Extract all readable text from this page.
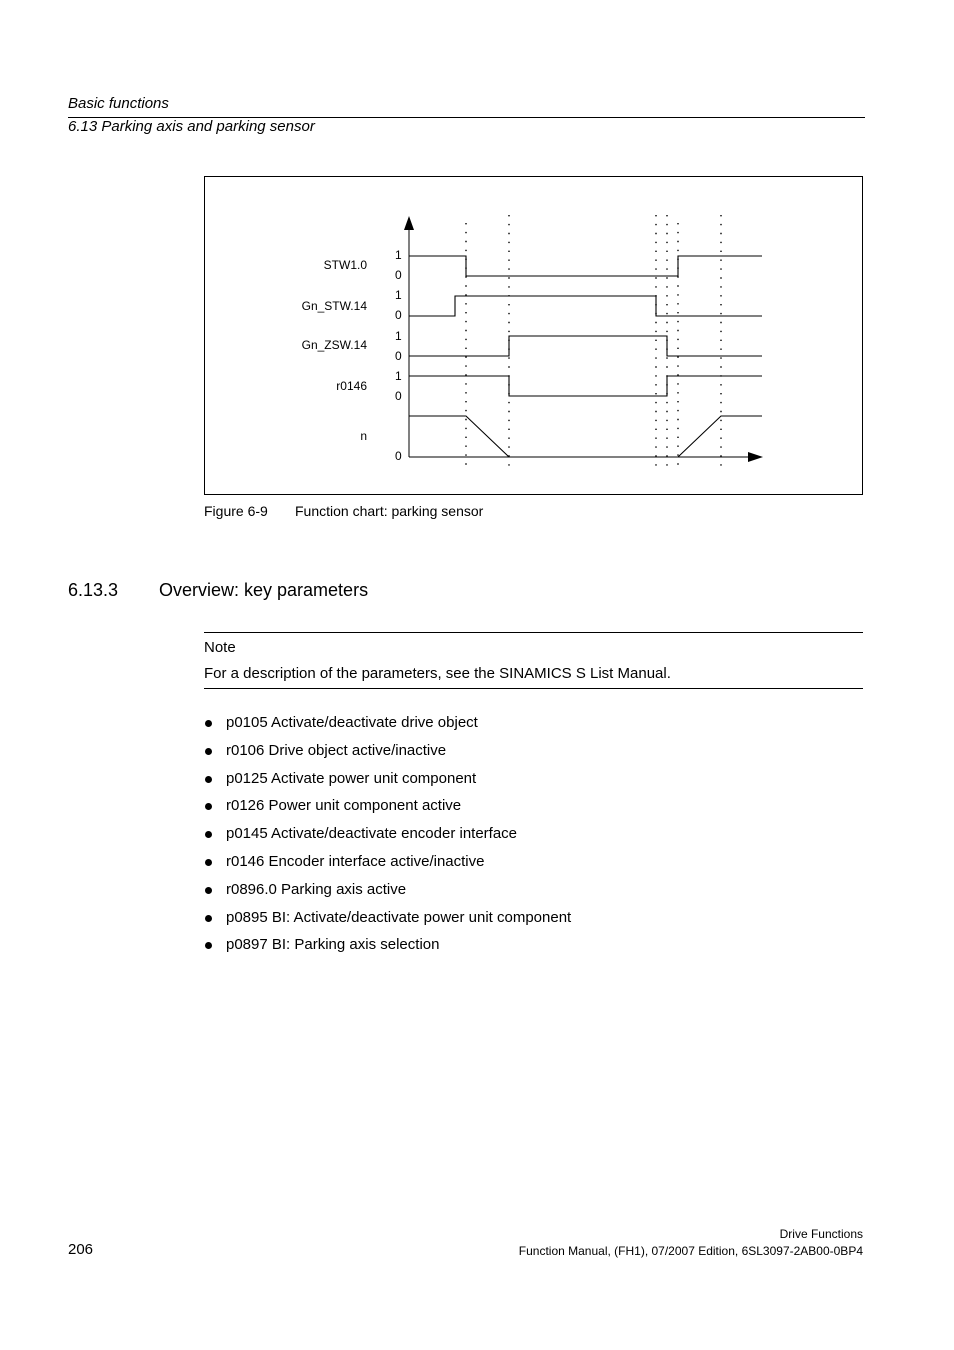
Basic functions
6.13 Parking axis and parking sensor
STW1.0
Gn_STW.14
Gn_ZSW.14
r0146
n
1
0
1
0
1
0
1
0
0
Figure 6-9 Function chart: parking sensor
6.13.3 Overview: key parameters
Note
For a description of the parameters, see the SINAMICS S List Manual.
p0105 Activate/deactivate drive object
r0106 Drive object active/inactive
p0125 Activate power unit component
r0126 Power unit component active
p0145 Activate/deactivate encoder interface
r0146 Encoder interface active/inactive
r0896.0 Parking axis active
p0895 BI: Activate/deactivate power unit component
p0897 BI: Parking axis selection
206
Drive Functions
Function Manual, (FH1), 07/2007 Edition, 6SL3097-2AB00-0BP4
